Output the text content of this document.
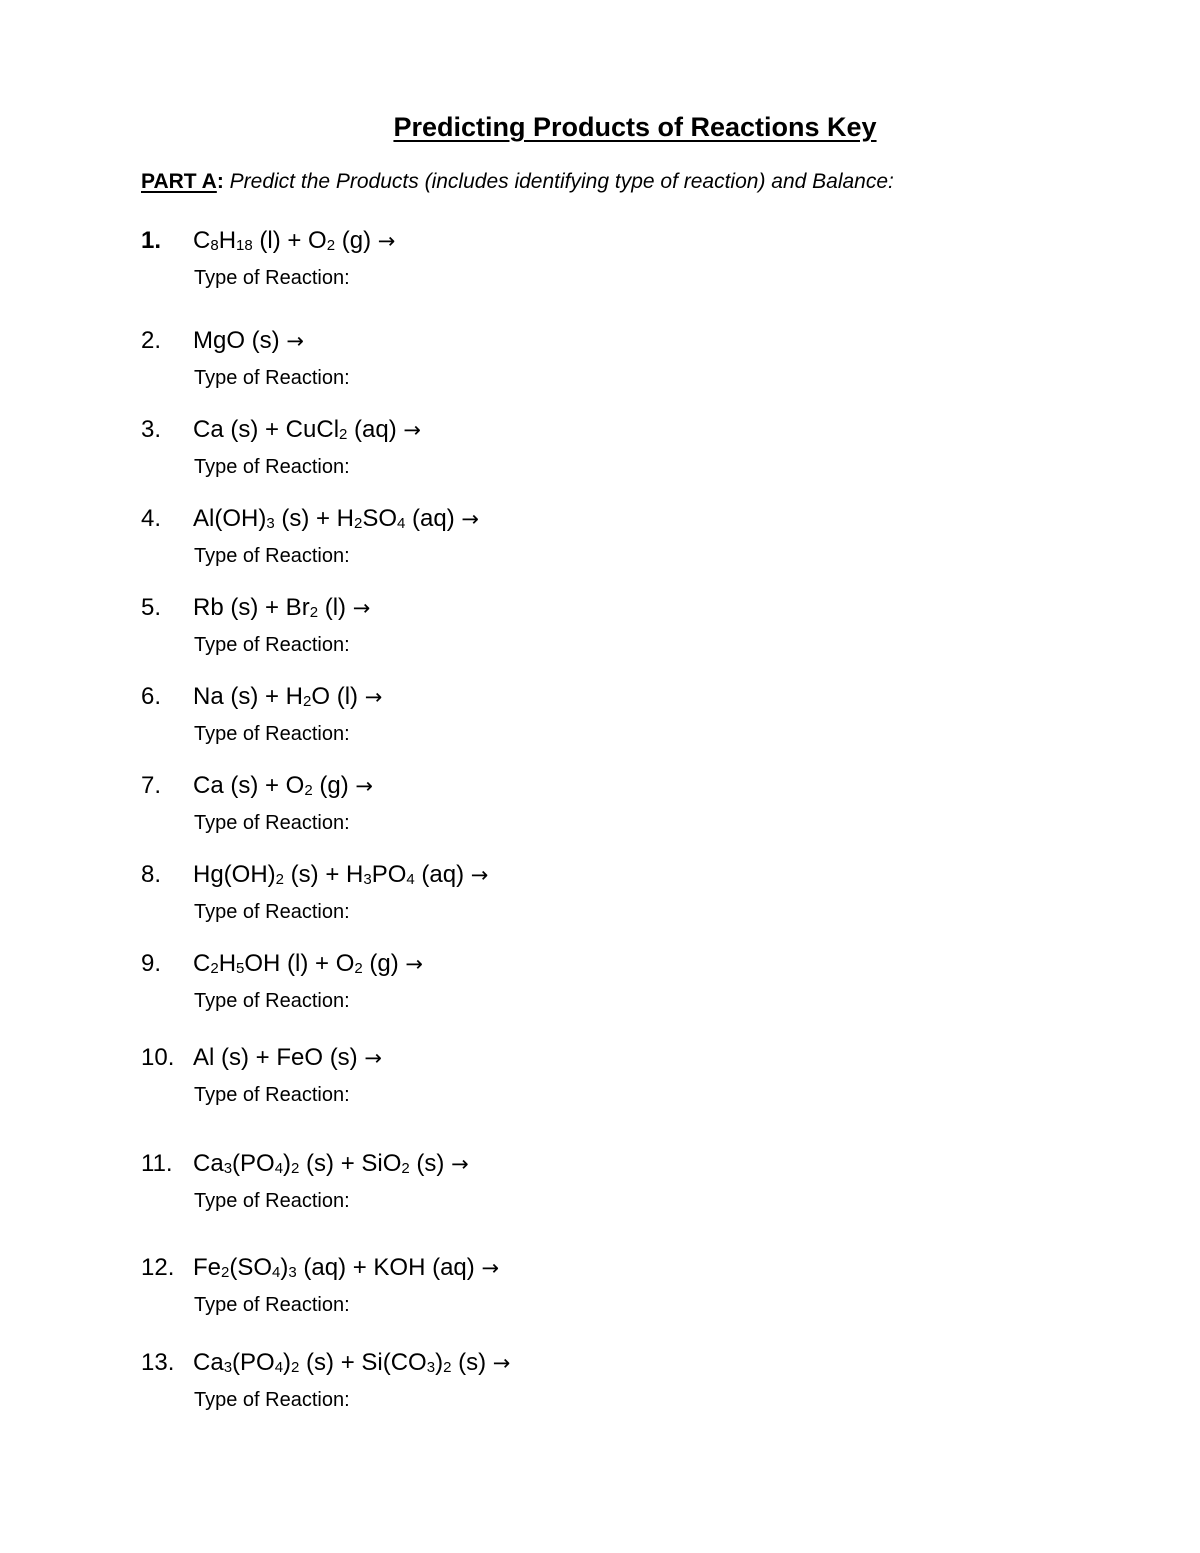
Predicting Products of Reactions Key
PART A: Predict the Products (includes identifying type of reaction) and Balance:
1. $C_8H_{18}$ $(l) + O_2$ (g) →
Type of Reaction:
2. MgO (s) →
Type of Reaction:
3. Ca (s) + CuCl$_2$ (aq) →
Type of Reaction:
4. $Al(OH)_3$ $(s) + H_2SO_4$ (aq) →
Type of Reaction:
5. Rb $(s) + Br_2$ (l) →
Type of Reaction:
6. Na $(s) + H_2O$ (l) →
Type of Reaction:
7. Ca $(s) + O_2$ (g) →
Type of Reaction:
8. $Hg(OH)_2$ $(s) + H_3PO_4$ (aq) →
Type of Reaction:
9. $C_2H_5OH$ $(l) + O_2$ (g) →
Type of Reaction:
10. Al (s) + FeO (s) →
Type of Reaction:
11. $Ca_3(PO_4)_2$ (s) + SiO$_2$ (s) →
Type of Reaction:
12. $Fe_2(SO_4)_3$ (aq) + KOH (aq) →
Type of Reaction:
13. $Ca_3(PO_4)_2$ $(s) + Si(CO_3)_2$ (s) →
Type of Reaction:
